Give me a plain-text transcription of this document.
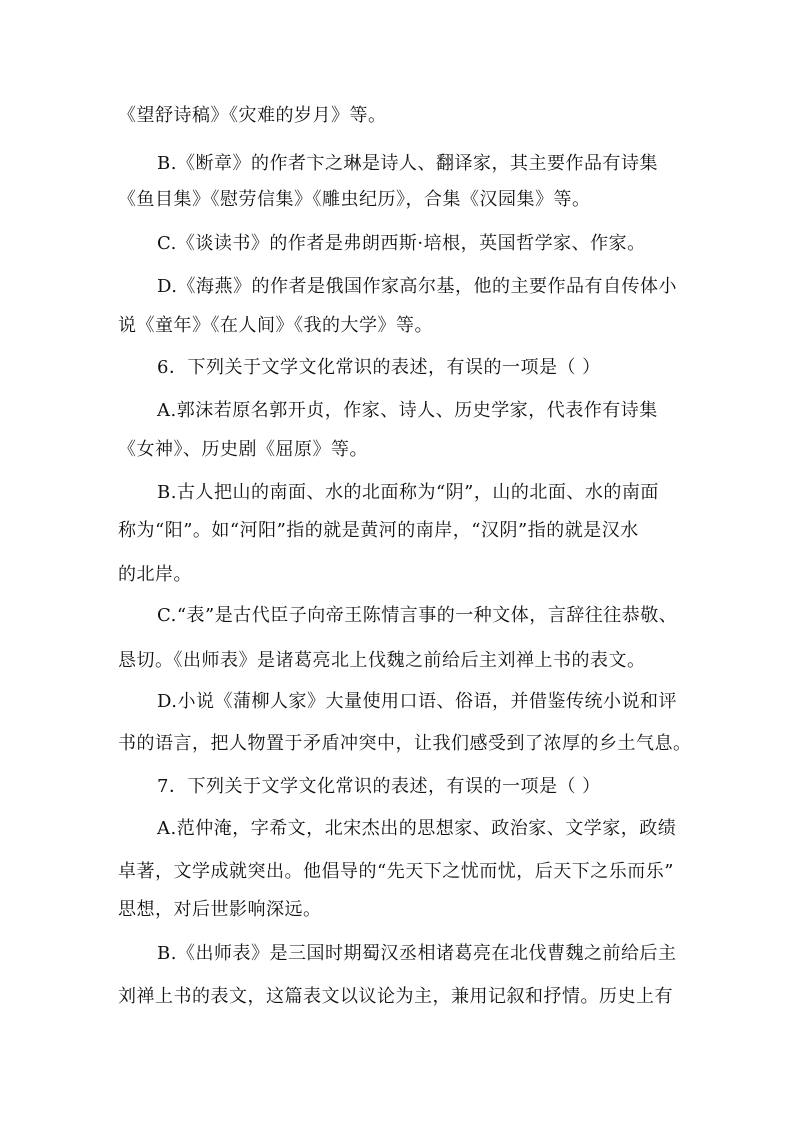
《望舒诗稿》《灾难的岁月》等。
B.《断章》的作者卞之琳是诗人、翻译家，其主要作品有诗集
《鱼目集》《慰劳信集》《雕虫纪历》，合集《汉园集》等。
C.《谈读书》的作者是弗朗西斯·培根，英国哲学家、作家。
D.《海燕》的作者是俄国作家高尔基，他的主要作品有自传体小
说《童年》《在人间》《我的大学》等。
6．下列关于文学文化常识的表述，有误的一项是（ ）
A.郭沫若原名郭开贞，作家、诗人、历史学家，代表作有诗集
《女神》、历史剧《屈原》等。
B.古人把山的南面、水的北面称为“阴”，山的北面、水的南面
称为“阳”。如“河阳”指的就是黄河的南岸，“汉阴”指的就是汉水
的北岸。
C.“表”是古代臣子向帝王陈情言事的一种文体，言辞往往恭敬、
恳切。《出师表》是诸葛亮北上伐魏之前给后主刘禅上书的表文。
D.小说《蒲柳人家》大量使用口语、俗语，并借鉴传统小说和评
书的语言，把人物置于矛盾冲突中，让我们感受到了浓厚的乡土气息。
7．下列关于文学文化常识的表述，有误的一项是（ ）
A.范仲淹，字希文，北宋杰出的思想家、政治家、文学家，政绩
卓著，文学成就突出。他倡导的“先天下之忧而忧，后天下之乐而乐”
思想，对后世影响深远。
B.《出师表》是三国时期蜀汉丞相诸葛亮在北伐曹魏之前给后主
刘禅上书的表文，这篇表文以议论为主，兼用记叙和抒情。历史上有
